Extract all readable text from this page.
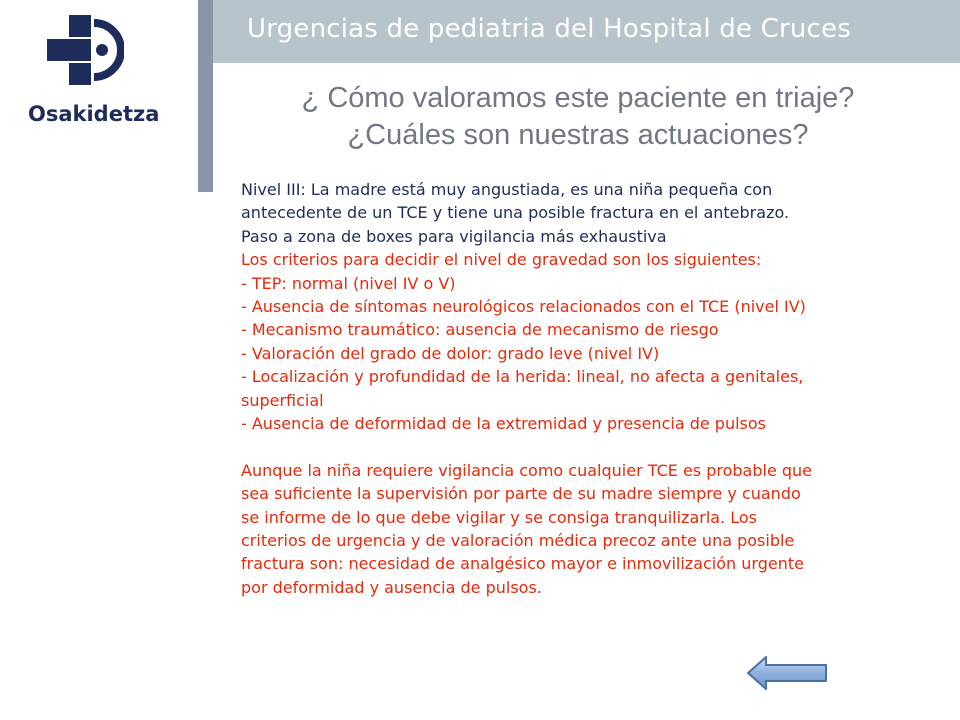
Urgencias de pediatria del Hospital de Cruces
Osakidetza	¿ Cómo valoramos este paciente en triaje?
¿Cuáles son nuestras actuaciones?
Nivel III: La madre está muy angustiada, es una niña pequeña con
antecedente de un TCE y tiene una posible fractura en el antebrazo.
Paso a zona de boxes para vigilancia más exhaustiva
Los criterios para decidir el nivel de gravedad son los siguientes:
- TEP: normal (nivel IV o V)
- Ausencia de síntomas neurológicos relacionados con el TCE (nivel IV)
- Mecanismo traumático: ausencia de mecanismo de riesgo
- Valoración del grado de dolor: grado leve (nivel IV)
- Localización y profundidad de la herida: lineal, no afecta a genitales,
superficial
- Ausencia de deformidad de la extremidad y presencia de pulsos
Aunque la niña requiere vigilancia como cualquier TCE es probable que
sea suficiente la supervisión por parte de su madre siempre y cuando
se informe de lo que debe vigilar y se consiga tranquilizarla. Los
criterios de urgencia y de valoración médica precoz ante una posible
fractura son: necesidad de analgésico mayor e inmovilización urgente
por deformidad y ausencia de pulsos.
